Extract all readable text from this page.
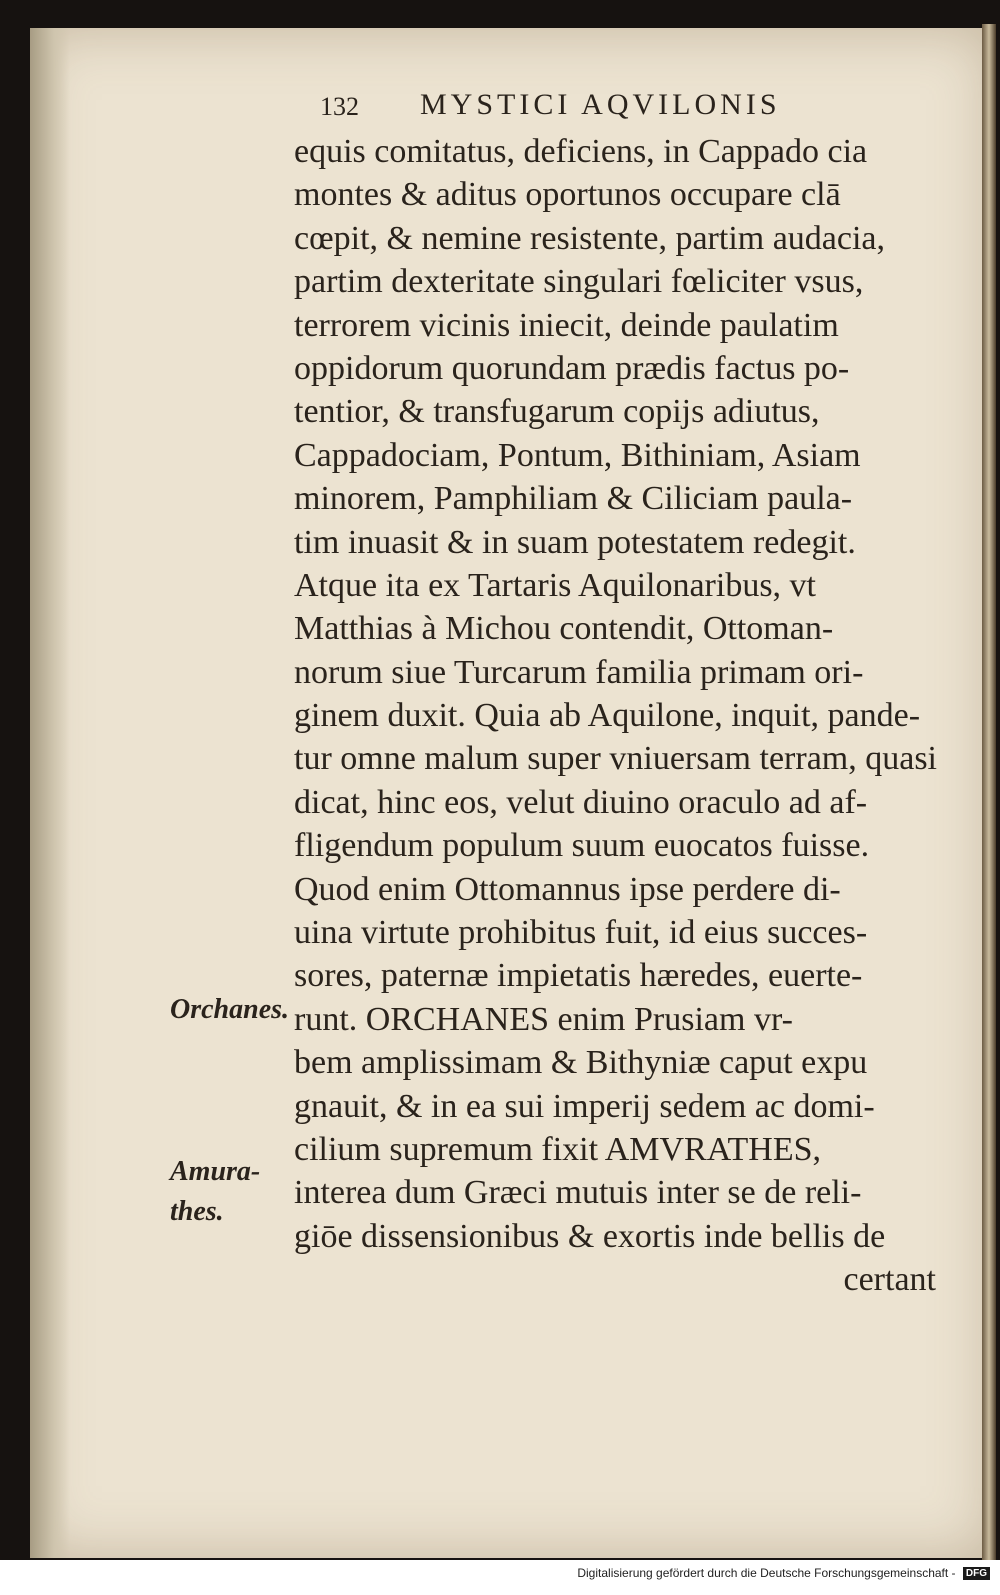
132 MYSTICI AQVILONIS
equis comitatus, deficiens, in Cappado cia
montes & aditus oportunos occupare clā
cœpit, & nemine resistente, partim audacia,
partim dexteritate singulari fœliciter vsus,
terrorem vicinis iniecit, deinde paulatim
oppidorum quorundam prædis factus po-
tentior, & transfugarum copijs adiutus,
Cappadociam, Pontum, Bithiniam, Asiam
minorem, Pamphiliam & Ciliciam paula-
tim inuasit & in suam potestatem redegit.
Atque ita ex Tartaris Aquilonaribus, vt
Matthias à Michou contendit, Ottoman-
norum siue Turcarum familia primam ori-
ginem duxit. Quia ab Aquilone, inquit, pande-
tur omne malum super vniuersam terram, quasi
dicat, hinc eos, velut diuino oraculo ad af-
fligendum populum suum euocatos fuisse.
Quod enim Ottomannus ipse perdere di-
uina virtute prohibitus fuit, id eius succes-
sores, paternæ impietatis hæredes, euerte-
runt. ORCHANES enim Prusiam vr-
bem amplissimam & Bithyniæ caput expu
gnauit, & in ea sui imperij sedem ac domi-
cilium supremum fixit AMVRATHES,
interea dum Græci mutuis inter se de reli-
giōe dissensionibus & exortis inde bellis de
certant
Orchanes.
Amura-thes.
Digitalisierung gefördert durch die Deutsche Forschungsgemeinschaft - DFG
